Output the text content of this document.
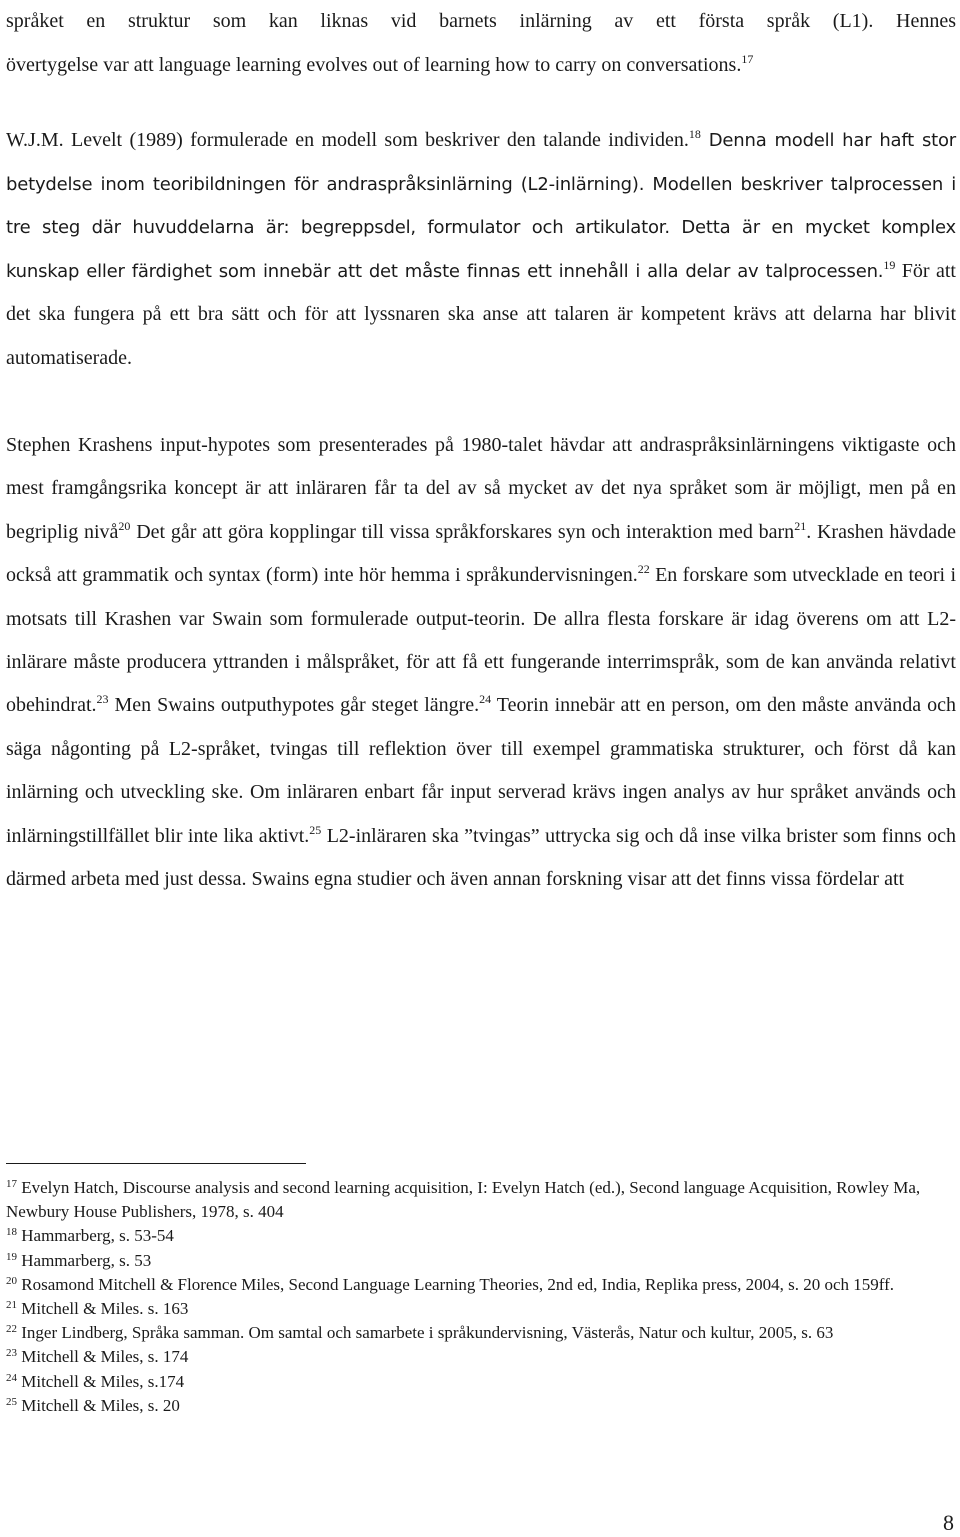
språket en struktur som kan liknas vid barnets inlärning av ett första språk (L1). Hennes
övertygelse var att language learning evolves out of learning how to carry on conversations.$^{17}$

W.J.M. Levelt (1989) formulerade en modell som beskriver den talande individen.$^{18}$ Denna modell har haft stor betydelse inom teoribildningen för andraspråksinlärning (L2-inlärning). Modellen beskriver talprocessen i tre steg där huvuddelarna är: begreppsdel, formulator och artikulator. Detta är en mycket komplex kunskap eller färdighet som innebär att det måste finnas ett innehåll i alla delar av talprocessen.$^{19}$ För att det ska fungera på ett bra sätt och för att lyssnaren ska anse att talaren är kompetent krävs att delarna har blivit automatiserade.

Stephen Krashens input-hypotes som presenterades på 1980-talet hävdar att andraspråksinlärningens viktigaste och mest framgångsrika koncept är att inläraren får ta del av så mycket av det nya språket som är möjligt, men på en begriplig nivå$^{20}$ Det går att göra kopplingar till vissa språkforskares syn och interaktion med barn$^{21}$. Krashen hävdade också att grammatik och syntax (form) inte hör hemma i språkundervisningen.$^{22}$ En forskare som utvecklade en teori i motsats till Krashen var Swain som formulerade output-teorin. De allra flesta forskare är idag överens om att L2-inlärare måste producera yttranden i målspråket, för att få ett fungerande interrimspråk, som de kan använda relativt obehindrat.$^{23}$ Men Swains outputhypotes går steget längre.$^{24}$ Teorin innebär att en person, om den måste använda och säga någonting på L2-språket, tvingas till reflektion över till exempel grammatiska strukturer, och först då kan inlärning och utveckling ske. Om inläraren enbart får input serverad krävs ingen analys av hur språket används och inlärningstillfället blir inte lika aktivt.$^{25}$ L2-inläraren ska ”tvingas” uttrycka sig och då inse vilka brister som finns och därmed arbeta med just dessa. Swains egna studier och även annan forskning visar att det finns vissa fördelar att

$^{17}$ Evelyn Hatch, Discourse analysis and second learning acquisition, I: Evelyn Hatch (ed.), Second language Acquisition, Rowley Ma, Newbury House Publishers, 1978, s. 404
$^{18}$ Hammarberg, s. 53-54
$^{19}$ Hammarberg, s. 53
$^{20}$ Rosamond Mitchell & Florence Miles, Second Language Learning Theories, 2nd ed, India, Replika press, 2004, s. 20 och 159ff.
$^{21}$ Mitchell & Miles. s. 163
$^{22}$ Inger Lindberg, Språka samman. Om samtal och samarbete i språkundervisning, Västerås, Natur och kultur, 2005, s. 63
$^{23}$ Mitchell & Miles, s. 174
$^{24}$ Mitchell & Miles, s.174
$^{25}$ Mitchell & Miles, s. 20
8
